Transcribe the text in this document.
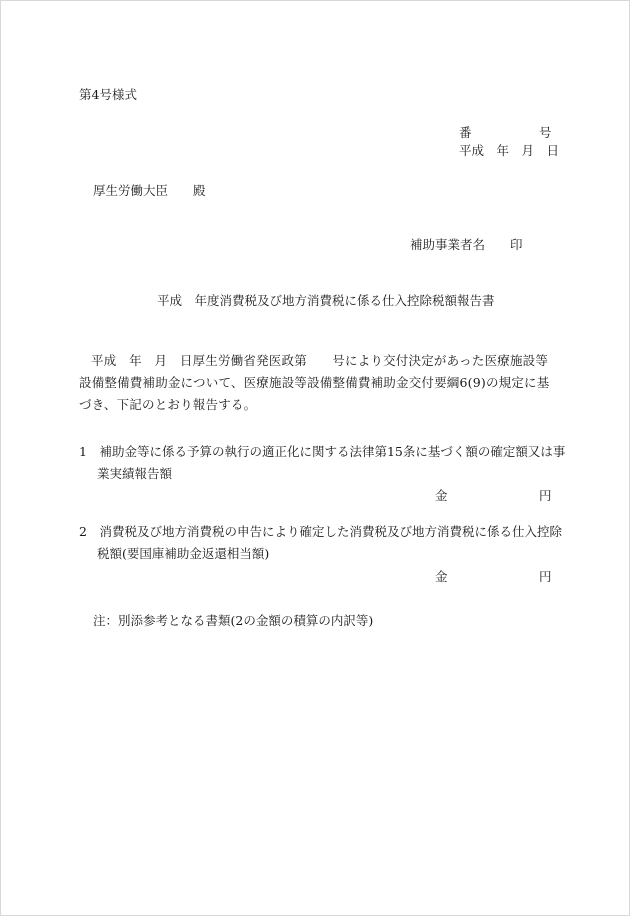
第4号様式
番	号
平成　年　月　日
厚生労働大臣　　殿
補助事業者名　　印
平成　年度消費税及び地方消費税に係る仕入控除税額報告書
平成　年　月　日厚生労働省発医政第　　号により交付決定があった医療施設等設備整備費補助金について、医療施設等設備整備費補助金交付要綱6(9)の規定に基づき、下記のとおり報告する。
1　補助金等に係る予算の執行の適正化に関する法律第15条に基づく額の確定額又は事業実績報告額
金	円
2　消費税及び地方消費税の申告により確定した消費税及び地方消費税に係る仕入控除税額(要国庫補助金返還相当額)
金	円
注：別添参考となる書類(2の金額の積算の内訳等)
